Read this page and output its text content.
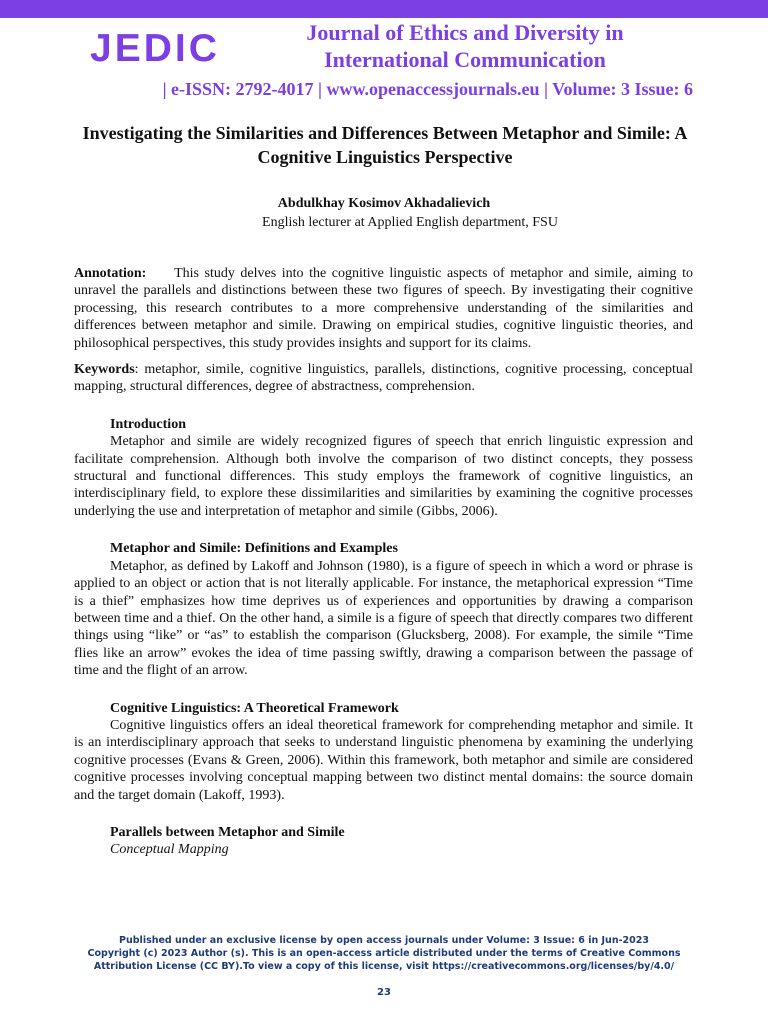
JEDIC	Journal of Ethics and Diversity in International Communication
| e-ISSN: 2792-4017 | www.openaccessjournals.eu | Volume: 3 Issue: 6
Investigating the Similarities and Differences Between Metaphor and Simile: A Cognitive Linguistics Perspective
Abdulkhay Kosimov Akhadalievich
English lecturer at Applied English department, FSU

Annotation: This study delves into the cognitive linguistic aspects of metaphor and simile, aiming to unravel the parallels and distinctions between these two figures of speech. By investigating their cognitive processing, this research contributes to a more comprehensive understanding of the similarities and differences between metaphor and simile. Drawing on empirical studies, cognitive linguistic theories, and philosophical perspectives, this study provides insights and support for its claims.

Keywords: metaphor, simile, cognitive linguistics, parallels, distinctions, cognitive processing, conceptual mapping, structural differences, degree of abstractness, comprehension.

Introduction

Metaphor and simile are widely recognized figures of speech that enrich linguistic expression and facilitate comprehension. Although both involve the comparison of two distinct concepts, they possess structural and functional differences. This study employs the framework of cognitive linguistics, an interdisciplinary field, to explore these dissimilarities and similarities by examining the cognitive processes underlying the use and interpretation of metaphor and simile (Gibbs, 2006).

Metaphor and Simile: Definitions and Examples

Metaphor, as defined by Lakoff and Johnson (1980), is a figure of speech in which a word or phrase is applied to an object or action that is not literally applicable. For instance, the metaphorical expression “Time is a thief” emphasizes how time deprives us of experiences and opportunities by drawing a comparison between time and a thief. On the other hand, a simile is a figure of speech that directly compares two different things using “like” or “as” to establish the comparison (Glucksberg, 2008). For example, the simile “Time flies like an arrow” evokes the idea of time passing swiftly, drawing a comparison between the passage of time and the flight of an arrow.

Cognitive Linguistics: A Theoretical Framework

Cognitive linguistics offers an ideal theoretical framework for comprehending metaphor and simile. It is an interdisciplinary approach that seeks to understand linguistic phenomena by examining the underlying cognitive processes (Evans & Green, 2006). Within this framework, both metaphor and simile are considered cognitive processes involving conceptual mapping between two distinct mental domains: the source domain and the target domain (Lakoff, 1993).

Parallels between Metaphor and Simile

Conceptual Mapping

Published under an exclusive license by open access journals under Volume: 3 Issue: 6 in Jun-2023

Copyright (c) 2023 Author (s). This is an open-access article distributed under the terms of Creative Commons

Attribution License (CC BY).To view a copy of this license, visit https://creativecommons.org/licenses/by/4.0/

23
